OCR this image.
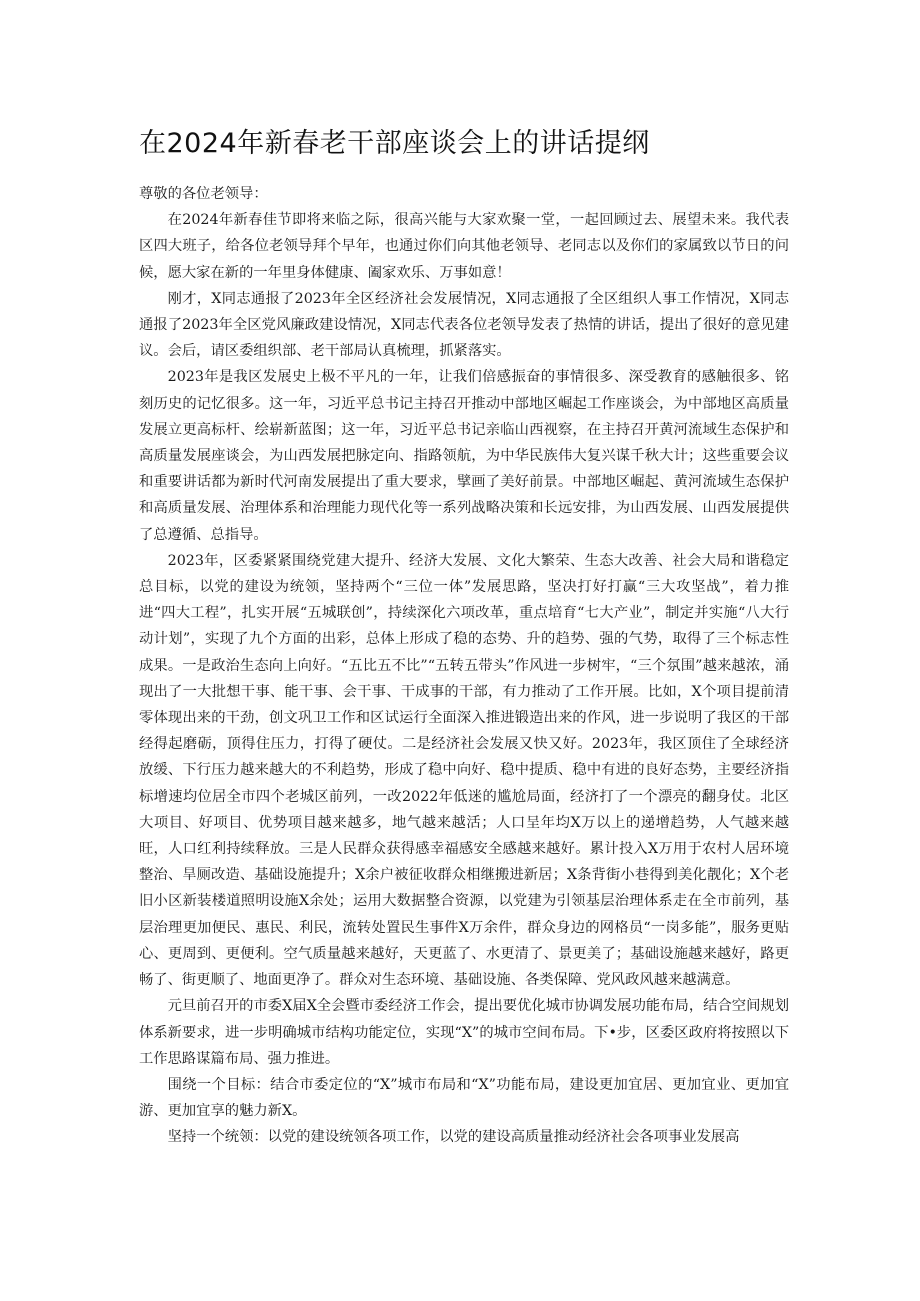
在2024年新春老干部座谈会上的讲话提纲

尊敬的各位老领导：

在2024年新春佳节即将来临之际，很高兴能与大家欢聚一堂，一起回顾过去、展望未来。我代表区四大班子，给各位老领导拜个早年，也通过你们向其他老领导、老同志以及你们的家属致以节日的问候，愿大家在新的一年里身体健康、阖家欢乐、万事如意！

刚才，X同志通报了2023年全区经济社会发展情况，X同志通报了全区组织人事工作情况，X同志通报了2023年全区党风廉政建设情况，X同志代表各位老领导发表了热情的讲话，提出了很好的意见建议。会后，请区委组织部、老干部局认真梳理，抓紧落实。

2023年是我区发展史上极不平凡的一年，让我们倍感振奋的事情很多、深受教育的感触很多、铭刻历史的记忆很多。这一年，习近平总书记主持召开推动中部地区崛起工作座谈会，为中部地区高质量发展立更高标杆、绘崭新蓝图；这一年，习近平总书记亲临山西视察，在主持召开黄河流域生态保护和高质量发展座谈会，为山西发展把脉定向、指路领航，为中华民族伟大复兴谋千秋大计；这些重要会议和重要讲话都为新时代河南发展提出了重大要求，擘画了美好前景。中部地区崛起、黄河流域生态保护和高质量发展、治理体系和治理能力现代化等一系列战略决策和长远安排，为山西发展、山西发展提供了总遵循、总指导。

2023年，区委紧紧围绕党建大提升、经济大发展、文化大繁荣、生态大改善、社会大局和谐稳定总目标，以党的建设为统领，坚持两个“三位一体”发展思路，坚决打好打赢“三大攻坚战”，着力推进“四大工程”，扎实开展“五城联创”，持续深化六项改革，重点培育“七大产业”，制定并实施“八大行动计划”，实现了九个方面的出彩，总体上形成了稳的态势、升的趋势、强的气势，取得了三个标志性成果。一是政治生态向上向好。“五比五不比”“五转五带头”作风进一步树牢，“三个氛围”越来越浓，涌现出了一大批想干事、能干事、会干事、干成事的干部，有力推动了工作开展。比如，X个项目提前清零体现出来的干劲，创文巩卫工作和区试运行全面深入推进锻造出来的作风，进一步说明了我区的干部经得起磨砺，顶得住压力，打得了硬仗。二是经济社会发展又快又好。2023年，我区顶住了全球经济放缓、下行压力越来越大的不利趋势，形成了稳中向好、稳中提质、稳中有进的良好态势，主要经济指标增速均位居全市四个老城区前列，一改2022年低迷的尴尬局面，经济打了一个漂亮的翻身仗。北区大项目、好项目、优势项目越来越多，地气越来越活；人口呈年均X万以上的递增趋势，人气越来越旺，人口红利持续释放。三是人民群众获得感幸福感安全感越来越好。累计投入X万用于农村人居环境整治、旱厕改造、基础设施提升；X余户被征收群众相继搬进新居；X条背街小巷得到美化靓化；X个老旧小区新装楼道照明设施X余处；运用大数据整合资源，以党建为引领基层治理体系走在全市前列，基层治理更加便民、惠民、利民，流转处置民生事件X万余件，群众身边的网格员“一岗多能”，服务更贴心、更周到、更便利。空气质量越来越好，天更蓝了、水更清了、景更美了；基础设施越来越好，路更畅了、街更顺了、地面更净了。群众对生态环境、基础设施、各类保障、党风政风越来越满意。

元旦前召开的市委X届X全会暨市委经济工作会，提出要优化城市协调发展功能布局，结合空间规划体系新要求，进一步明确城市结构功能定位，实现“X”的城市空间布局。下•步，区委区政府将按照以下工作思路谋篇布局、强力推进。

围绕一个目标：结合市委定位的“X”城市布局和“X”功能布局，建设更加宜居、更加宜业、更加宜游、更加宜享的魅力新X。

坚持一个统领：以党的建设统领各项工作，以党的建设高质量推动经济社会各项事业发展高
